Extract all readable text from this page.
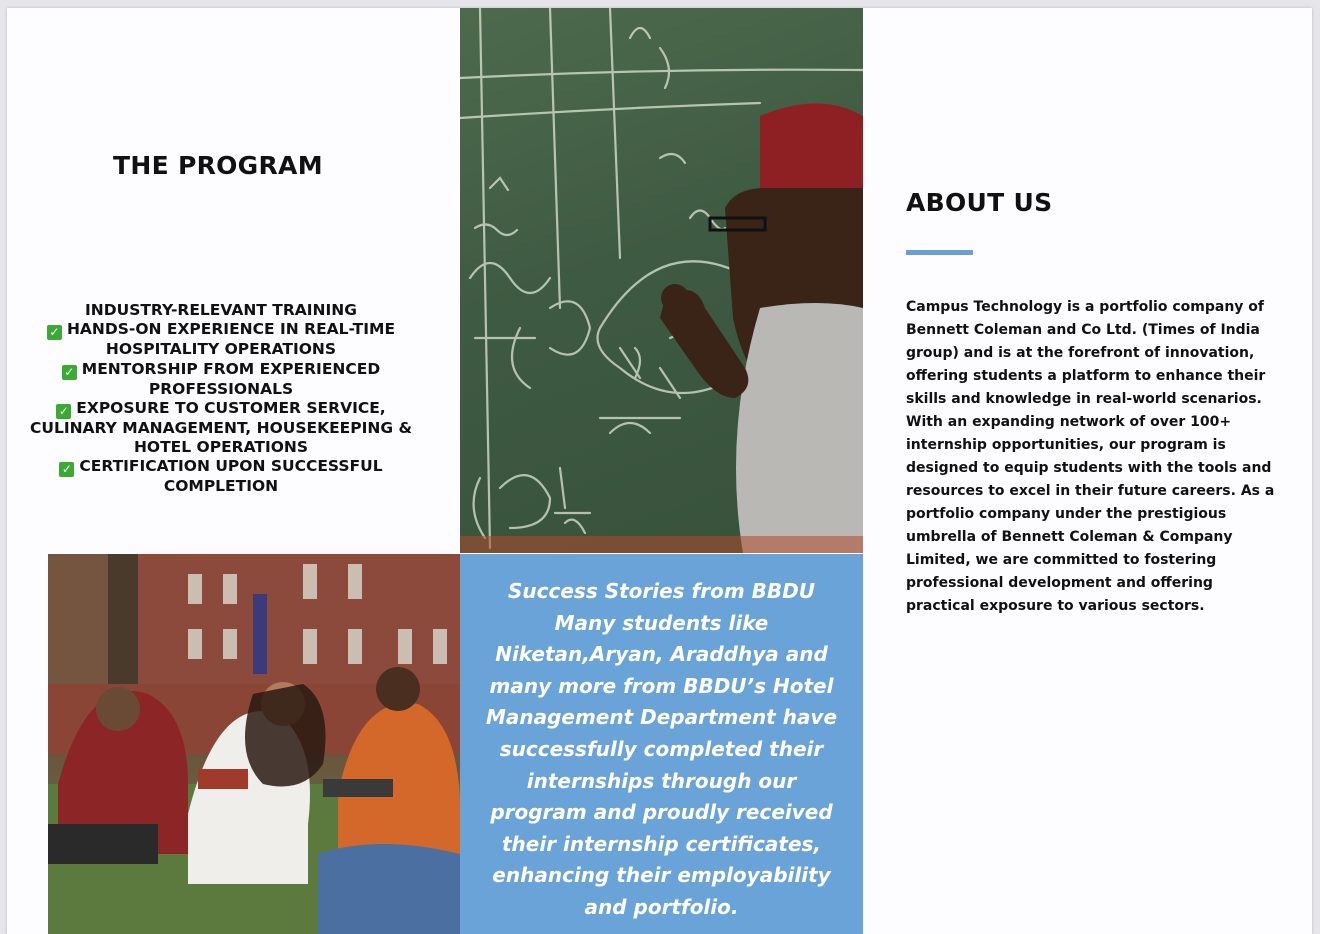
THE PROGRAM
INDUSTRY-RELEVANT TRAINING
✓ HANDS-ON EXPERIENCE IN REAL-TIME HOSPITALITY OPERATIONS
✓ MENTORSHIP FROM EXPERIENCED PROFESSIONALS
✓ EXPOSURE TO CUSTOMER SERVICE, CULINARY MANAGEMENT, HOUSEKEEPING & HOTEL OPERATIONS
✓ CERTIFICATION UPON SUCCESSFUL COMPLETION
ABOUT US

Campus Technology is a portfolio company of Bennett Coleman and Co Ltd. (Times of India group) and is at the forefront of innovation, offering students a platform to enhance their skills and knowledge in real-world scenarios. With an expanding network of over 100+ internship opportunities, our program is designed to equip students with the tools and resources to excel in their future careers. As a portfolio company under the prestigious umbrella of Bennett Coleman & Company Limited, we are committed to fostering professional development and offering practical exposure to various sectors.

Success Stories from BBDU

Many students like Niketan,Aryan, Araddhya and many more from BBDU’s Hotel Management Department have successfully completed their internships through our program and proudly received their internship certificates, enhancing their employability and portfolio.
